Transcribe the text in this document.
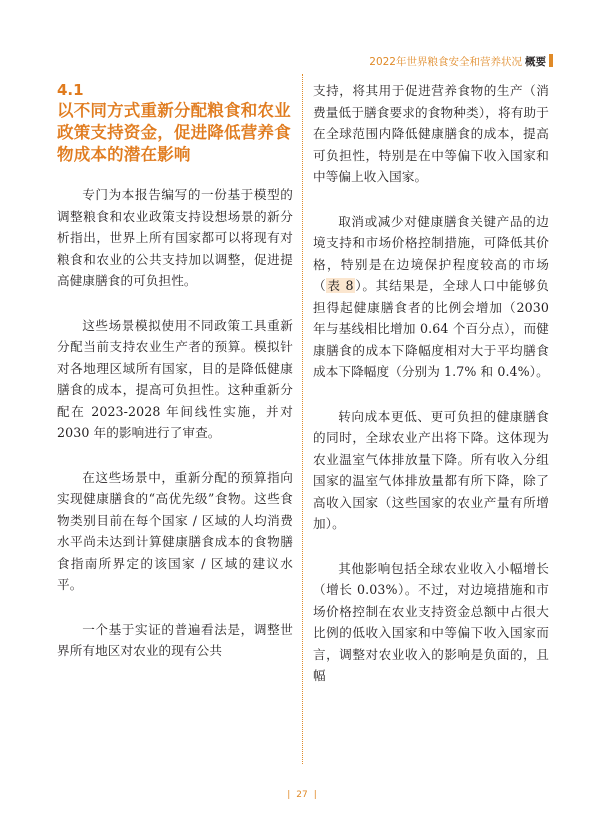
2022年世界粮食安全和营养状况 概要
4.1
以不同方式重新分配粮食和农业政策支持资金，促进降低营养食物成本的潜在影响

专门为本报告编写的一份基于模型的调整粮食和农业政策支持设想场景的新分析指出，世界上所有国家都可以将现有对粮食和农业的公共支持加以调整，促进提高健康膳食的可负担性。

这些场景模拟使用不同政策工具重新分配当前支持农业生产者的预算。模拟针对各地理区域所有国家，目的是降低健康膳食的成本，提高可负担性。这种重新分配在 2023-2028 年间线性实施，并对 2030 年的影响进行了审查。

在这些场景中，重新分配的预算指向实现健康膳食的“高优先级”食物。这些食物类别目前在每个国家 / 区域的人均消费水平尚未达到计算健康膳食成本的食物膳食指南所界定的该国家 / 区域的建议水平。

一个基于实证的普遍看法是，调整世界所有地区对农业的现有公共

支持，将其用于促进营养食物的生产（消费量低于膳食要求的食物种类），将有助于在全球范围内降低健康膳食的成本，提高可负担性，特别是在中等偏下收入国家和中等偏上收入国家。

取消或减少对健康膳食关键产品的边境支持和市场价格控制措施，可降低其价格，特别是在边境保护程度较高的市场（表 8）。其结果是，全球人口中能够负担得起健康膳食者的比例会增加（2030 年与基线相比增加 0.64 个百分点），而健康膳食的成本下降幅度相对大于平均膳食成本下降幅度（分别为 1.7% 和 0.4%）。

转向成本更低、更可负担的健康膳食的同时，全球农业产出将下降。这体现为农业温室气体排放量下降。所有收入分组国家的温室气体排放量都有所下降，除了高收入国家（这些国家的农业产量有所增加）。

其他影响包括全球农业收入小幅增长（增长 0.03%）。不过，对边境措施和市场价格控制在农业支持资金总额中占很大比例的低收入国家和中等偏下收入国家而言，调整对农业收入的影响是负面的，且幅

| 27 |
